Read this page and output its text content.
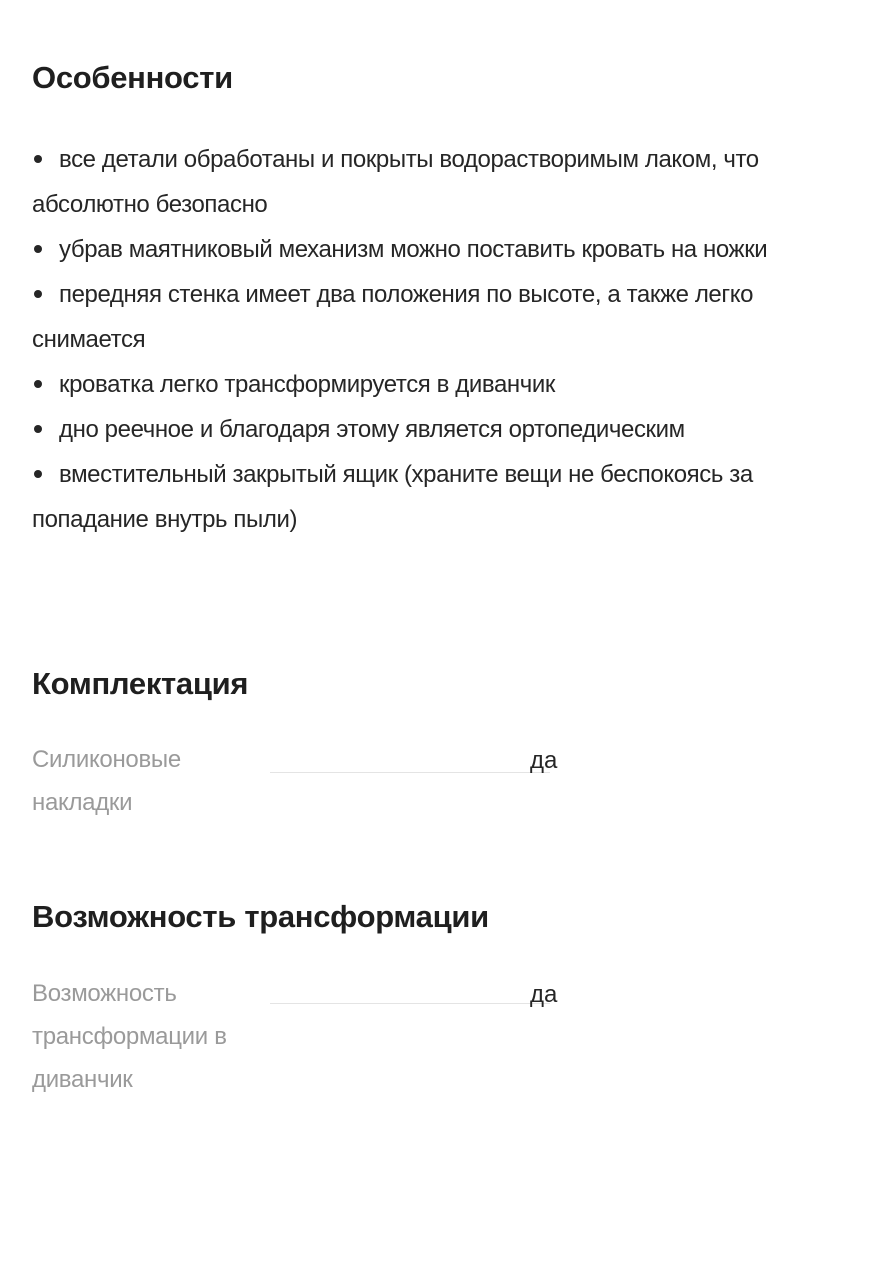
Особенности
все детали обработаны и покрыты водорастворимым лаком, что абсолютно безопасно
убрав маятниковый механизм можно поставить кровать на ножки
передняя стенка имеет два положения по высоте, а также легко снимается
кроватка легко трансформируется в диванчик
дно реечное и благодаря этому является ортопедическим
вместительный закрытый ящик (храните вещи не беспокоясь за попадание внутрь пыли)
Комплектация
Силиконовые накладки
да
Возможность трансформации
Возможность трансформации в диванчик
да
